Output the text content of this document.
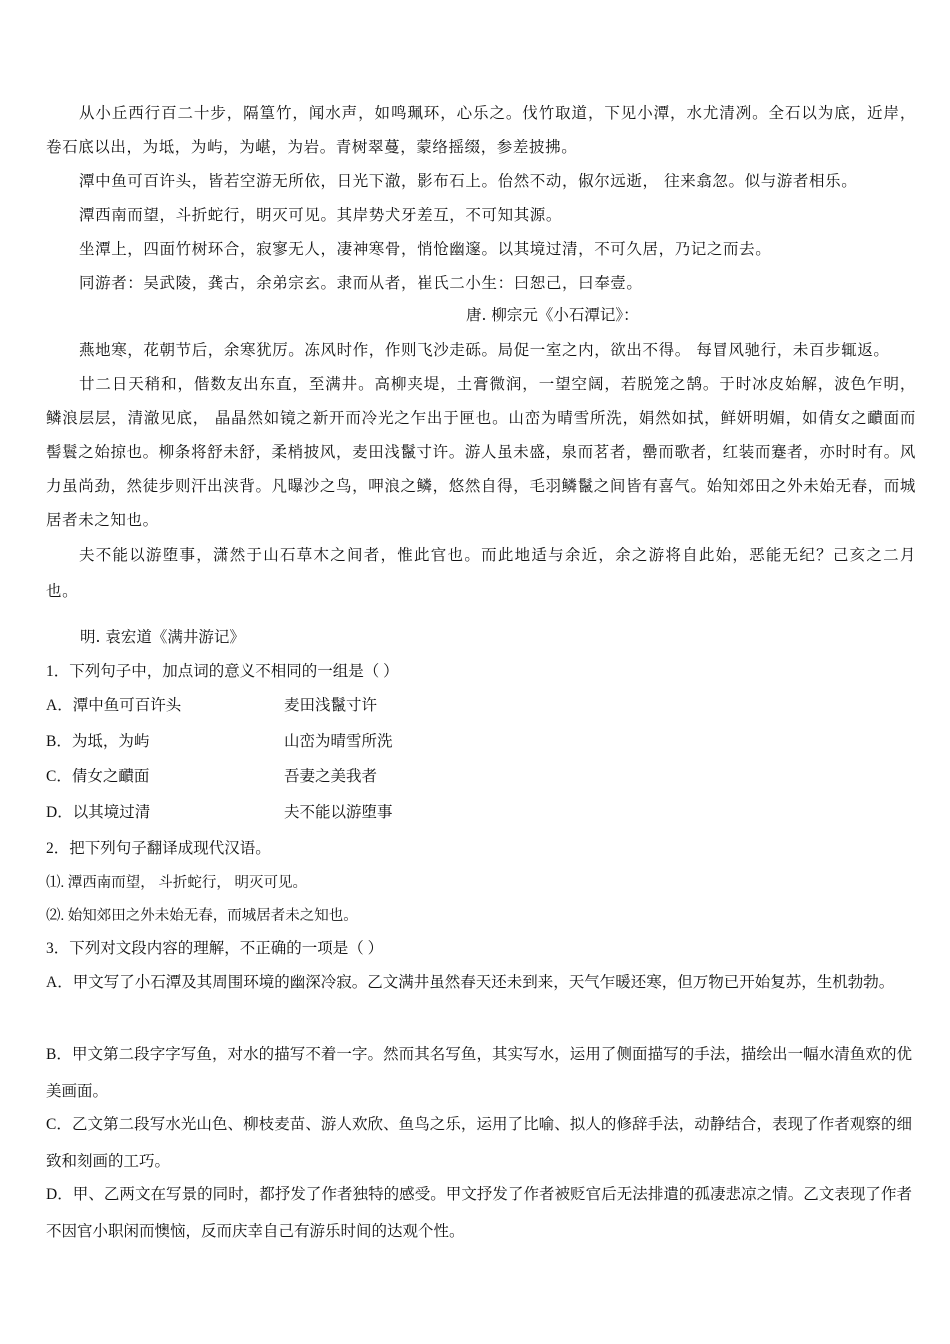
从小丘西行百二十步，隔篁竹，闻水声，如鸣珮环，心乐之。伐竹取道，下见小潭，水尤清冽。全石以为底，近岸，卷石底以出，为坻，为屿，为嵁，为岩。青树翠蔓，蒙络摇缀，参差披拂。

潭中鱼可百许头，皆若空游无所依，日光下澈，影布石上。佁然不动，俶尔远逝， 往来翕忽。似与游者相乐。

潭西南而望，斗折蛇行，明灭可见。其岸势犬牙差互，不可知其源。

坐潭上，四面竹树环合，寂寥无人，凄神寒骨，悄怆幽邃。以其境过清，不可久居，乃记之而去。

同游者：吴武陵，龚古，余弟宗玄。隶而从者，崔氏二小生：曰恕己，曰奉壹。

唐. 柳宗元《小石潭记》：

燕地寒，花朝节后，余寒犹厉。冻风时作，作则飞沙走砾。局促一室之内，欲出不得。 每冒风驰行，未百步辄返。

廿二日天稍和，偕数友出东直，至满井。高柳夹堤，土膏微润，一望空阔，若脱笼之鹄。于时冰皮始解，波色乍明，鳞浪层层，清澈见底， 晶晶然如镜之新开而冷光之乍出于匣也。山峦为晴雪所洗，娟然如拭，鲜妍明媚，如倩女之靧面而髻鬟之始掠也。柳条将舒未舒，柔梢披风，麦田浅鬣寸许。游人虽未盛，泉而茗者，罍而歌者，红装而蹇者，亦时时有。风力虽尚劲，然徒步则汗出浃背。凡曝沙之鸟，呷浪之鳞，悠然自得，毛羽鳞鬣之间皆有喜气。始知郊田之外未始无春，而城居者未之知也。

夫不能以游堕事，潇然于山石草木之间者，惟此官也。而此地适与余近，余之游将自此始，恶能无纪？己亥之二月也。

明. 袁宏道《满井游记》
1．下列句子中，加点词的意义不相同的一组是（ ）
A．潭中鱼可百许头	麦田浅鬣寸许
B．为坻，为屿	山峦为晴雪所洗
C．倩女之靧面	吾妻之美我者
D．以其境过清	夫不能以游堕事
2．把下列句子翻译成现代汉语。
⑴. 潭西南而望， 斗折蛇行， 明灭可见。
⑵. 始知郊田之外未始无春，而城居者未之知也。
3．下列对文段内容的理解，不正确的一项是（ ）
A．甲文写了小石潭及其周围环境的幽深冷寂。乙文满井虽然春天还未到来，天气乍暖还寒，但万物已开始复苏，生机勃勃。
B．甲文第二段字字写鱼，对水的描写不着一字。然而其名写鱼，其实写水，运用了侧面描写的手法，描绘出一幅水清鱼欢的优美画面。
C．乙文第二段写水光山色、柳枝麦苗、游人欢欣、鱼鸟之乐，运用了比喻、拟人的修辞手法，动静结合，表现了作者观察的细致和刻画的工巧。
D．甲、乙两文在写景的同时，都抒发了作者独特的感受。甲文抒发了作者被贬官后无法排遣的孤凄悲凉之情。乙文表现了作者不因官小职闲而懊恼，反而庆幸自己有游乐时间的达观个性。
